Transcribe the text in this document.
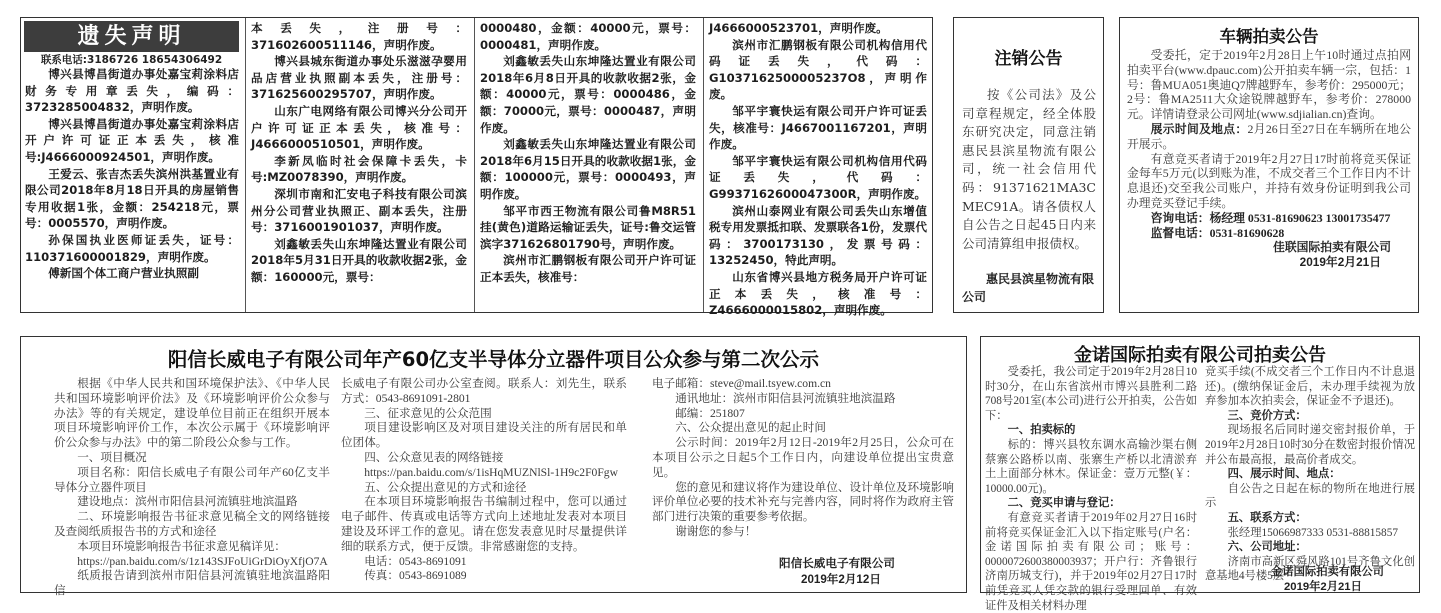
遗失声明
联系电话:3186726 18654306492

博兴县博昌街道办事处嘉宝莉涂料店财务专用章丢失，编码：3723285004832，声明作废。

博兴县博昌街道办事处嘉宝莉涂料店开户许可证正本丢失，核准号:J4666000924501，声明作废。

王爱云、张吉杰丢失滨州洪基置业有限公司2018年8月18日开具的房屋销售专用收据1张，金额：254218元，票号：0005570，声明作废。

孙保国执业医师证丢失，证号：110371600001829，声明作废。

傅新国个体工商户营业执照副

本丢失，注册号：371602600511146，声明作废。

博兴县城东街道办事处乐滋滋孕婴用品店营业执照副本丢失，注册号：371625600295707，声明作废。

山东广电网络有限公司博兴分公司开户许可证正本丢失，核准号：J4666000510501，声明作废。

李新凤临时社会保障卡丢失，卡号:MZ0078390，声明作废。

深圳市南和汇安电子科技有限公司滨州分公司营业执照正、副本丢失，注册号：3716001901037，声明作废。

刘鑫敏丢失山东坤隆达置业有限公司2018年5月31日开具的收款收据2张，金额：160000元，票号：

0000480，金额：40000元，票号：0000481，声明作废。

刘鑫敏丢失山东坤隆达置业有限公司2018年6月8日开具的收款收据2张，金额：40000元，票号：0000486，金额：70000元，票号：0000487，声明作废。

刘鑫敏丢失山东坤隆达置业有限公司2018年6月15日开具的收款收据1张，金额：100000元，票号：0000493，声明作废。

邹平市西王物流有限公司鲁M8R51挂(黄色)道路运输证丢失，证号:鲁交运管滨字371626801790号，声明作废。

滨州市汇鹏钢板有限公司开户许可证正本丢失，核准号：

J4666000523701，声明作废。

滨州市汇鹏钢板有限公司机构信用代码证丢失，代码：G1037162500005237O8，声明作废。

邹平宇寰快运有限公司开户许可证丢失，核准号：J4667001167201，声明作废。

邹平宇寰快运有限公司机构信用代码证丢失，代码：G9937162600047300R，声明作废。

滨州山泰网业有限公司丢失山东增值税专用发票抵扣联、发票联各1份，发票代码：3700173130，发票号码：13252450，特此声明。

山东省博兴县地方税务局开户许可证正本丢失，核准号：Z4666000015802，声明作废。

注销公告
按《公司法》及公司章程规定，经全体股东研究决定，同意注销惠民县滨星物流有限公司，统一社会信用代码：91371621MA3CMEC91A。请各债权人自公告之日起45日内来公司清算组申报债权。
惠民县滨星物流有限公司
车辆拍卖公告

受委托，定于2019年2月28日上午10时通过点拍网拍卖平台(www.dpauc.com)公开拍卖车辆一宗，包括：1号：鲁MUA051奥迪Q7牌越野车，参考价：295000元；2号：鲁MA2511大众途锐牌越野车，参考价：278000元。详情请登录公司网址(www.sdjialian.cn)查询。

展示时间及地点：2月26日至27日在车辆所在地公开展示。

有意竞买者请于2019年2月27日17时前将竞买保证金每车5万元(以到账为准，不成交者三个工作日内不计息退还)交至我公司账户，并持有效身份证明到我公司办理竞买登记手续。

咨询电话：杨经理 0531-81690623 13001735477

监督电话：0531-81690628

佳联国际拍卖有限公司

2019年2月21日

阳信长威电子有限公司年产60亿支半导体分立器件项目公众参与第二次公示

根据《中华人民共和国环境保护法》、《中华人民共和国环境影响评价法》及《环境影响评价公众参与办法》等的有关规定，建设单位目前正在组织开展本项目环境影响评价工作，本次公示属于《环境影响评价公众参与办法》中的第二阶段公众参与工作。

一、项目概况

项目名称：阳信长威电子有限公司年产60亿支半导体分立器件项目

建设地点：滨州市阳信县河流镇驻地滨温路

二、环境影响报告书征求意见稿全文的网络链接及查阅纸质报告书的方式和途径

本项目环境影响报告书征求意见稿详见：

https://pan.baidu.com/s/1z143SJFoUiGrDiOyXfjO7A

纸质报告请到滨州市阳信县河流镇驻地滨温路阳信

长威电子有限公司办公室查阅。联系人：刘先生，联系方式：0543-8691091-2801

三、征求意见的公众范围

项目建设影响区及对项目建设关注的所有居民和单位团体。

四、公众意见表的网络链接

https://pan.baidu.com/s/1isHqMUZNlSl-1H9c2F0Fgw

五、公众提出意见的方式和途径

在本项目环境影响报告书编制过程中，您可以通过电子邮件、传真或电话等方式向上述地址发表对本项目建设及环评工作的意见。请在您发表意见时尽量提供详细的联系方式，便于反馈。非常感谢您的支持。

电话：0543-8691091

传真：0543-8691089

电子邮箱：steve@mail.tsyew.com.cn

通讯地址：滨州市阳信县河流镇驻地滨温路

邮编：251807

六、公众提出意见的起止时间

公示时间：2019年2月12日-2019年2月25日，公众可在本项目公示之日起5个工作日内，向建设单位提出宝贵意见。

您的意见和建议将作为建设单位、设计单位及环境影响评价单位必要的技术补充与完善内容，同时将作为政府主管部门进行决策的重要参考依据。

谢谢您的参与！

阳信长威电子有限公司
2019年2月12日
金诺国际拍卖有限公司拍卖公告

受委托，我公司定于2019年2月28日10时30分，在山东省滨州市博兴县胜利二路708号201室(本公司)进行公开拍卖，公告如下：

一、拍卖标的

标的：博兴县牧东调水高输沙渠右侧蔡寨公路桥以南、张寨生产桥以北清淤弃土上面部分林木。保证金：壹万元整(￥：10000.00元)。

二、竞买申请与登记：

有意竞买者请于2019年02月27日16时前将竞买保证金汇入以下指定账号(户名：金诺国际拍卖有限公司；账号：0000072600380003937；开户行：齐鲁银行济南历城支行)，并于2019年02月27日17时前凭竞买人凭交款的银行受理回单、有效证件及相关材料办理

竞买手续(不成交者三个工作日内不计息退还)。(缴纳保证金后，未办理手续视为放弃参加本次拍卖会，保证金不予退还)。

三、竞价方式：

现场报名后同时递交密封报价单，于2019年2月28日10时30分在数密封报价情况并公布最高报，最高价者成交。

四、展示时间、地点：

自公告之日起在标的物所在地进行展示

五、联系方式：

张经理15066987333 0531-88815857

六、公司地址：

济南市高新区舜风路101号齐鲁文化创意基地4号楼5层

金诺国际拍卖有限公司
2019年2月21日
